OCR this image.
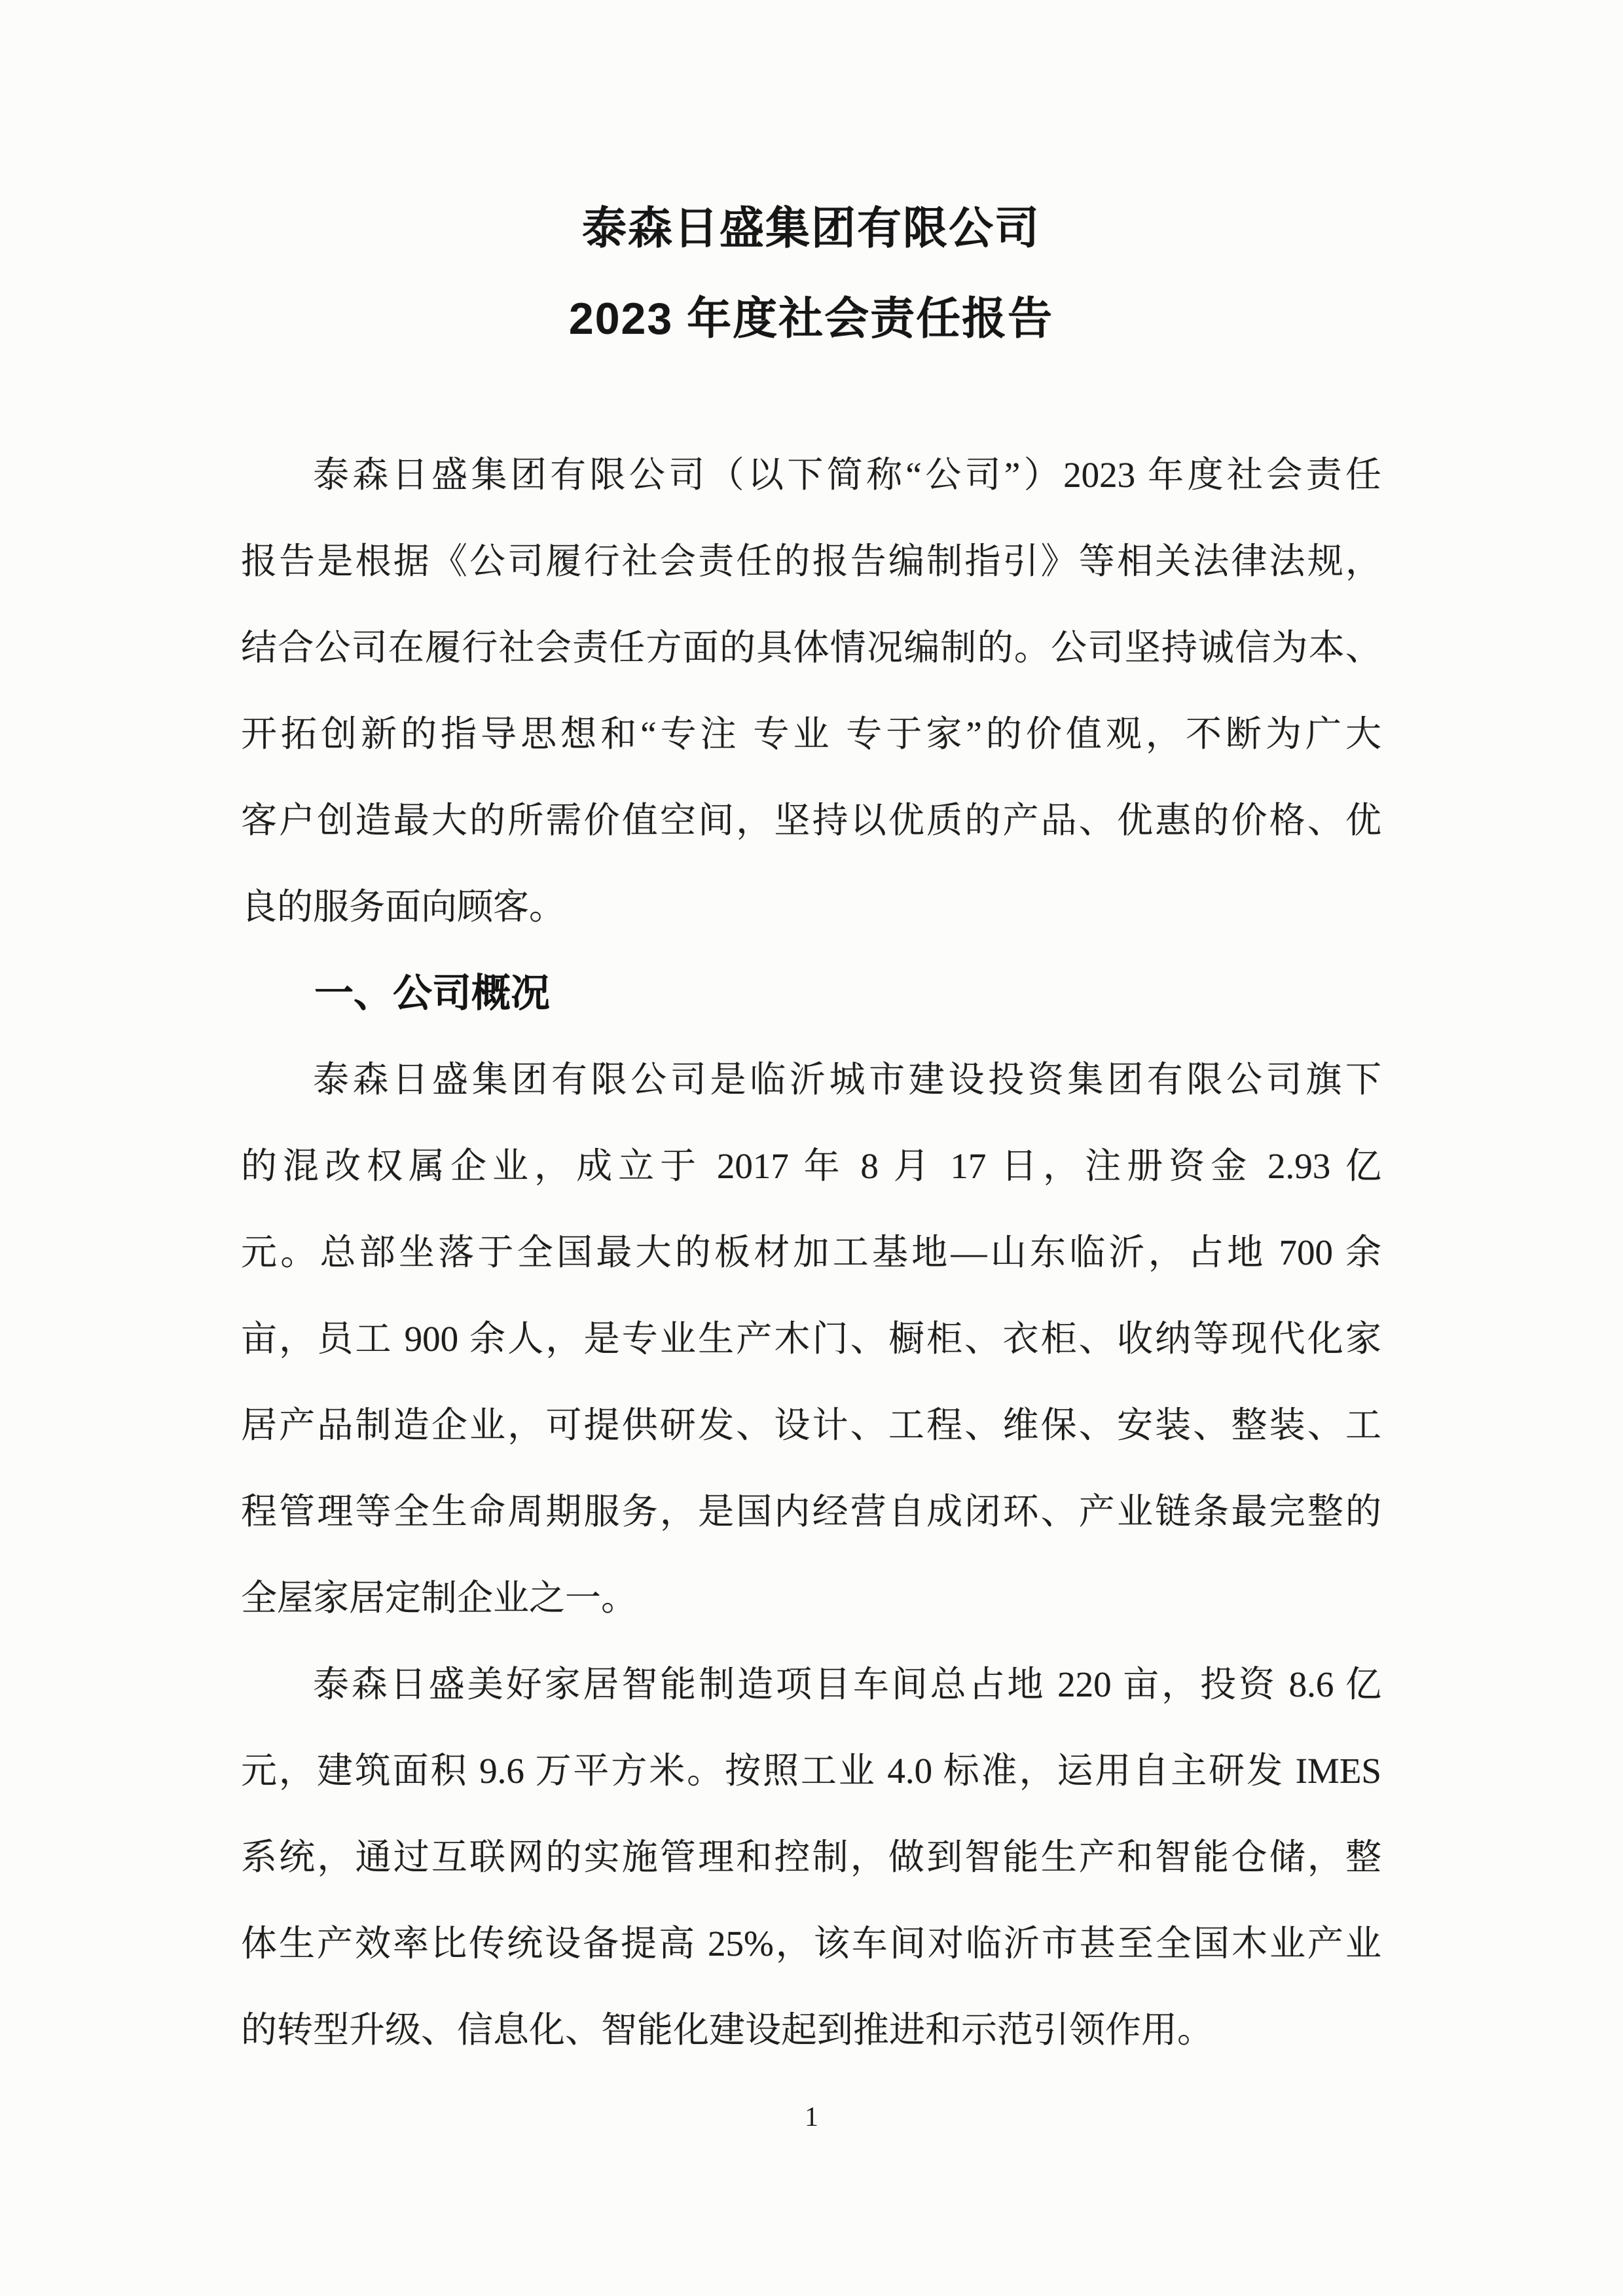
泰森日盛集团有限公司
2023 年度社会责任报告
泰森日盛集团有限公司（以下简称“公司”）2023 年度社会责任
报告是根据《公司履行社会责任的报告编制指引》等相关法律法规，
结合公司在履行社会责任方面的具体情况编制的。公司坚持诚信为本、
开拓创新的指导思想和“专注 专业 专于家”的价值观，不断为广大
客户创造最大的所需价值空间，坚持以优质的产品、优惠的价格、优
良的服务面向顾客。
一、公司概况
泰森日盛集团有限公司是临沂城市建设投资集团有限公司旗下
的混改权属企业，成立于 2017 年 8 月 17 日，注册资金 2.93 亿
元。总部坐落于全国最大的板材加工基地—山东临沂，占地 700 余
亩，员工 900 余人，是专业生产木门、橱柜、衣柜、收纳等现代化家
居产品制造企业，可提供研发、设计、工程、维保、安装、整装、工
程管理等全生命周期服务，是国内经营自成闭环、产业链条最完整的
全屋家居定制企业之一。
泰森日盛美好家居智能制造项目车间总占地 220 亩，投资 8.6 亿
元，建筑面积 9.6 万平方米。按照工业 4.0 标准，运用自主研发 IMES
系统，通过互联网的实施管理和控制，做到智能生产和智能仓储，整
体生产效率比传统设备提高 25%，该车间对临沂市甚至全国木业产业
的转型升级、信息化、智能化建设起到推进和示范引领作用。
1
